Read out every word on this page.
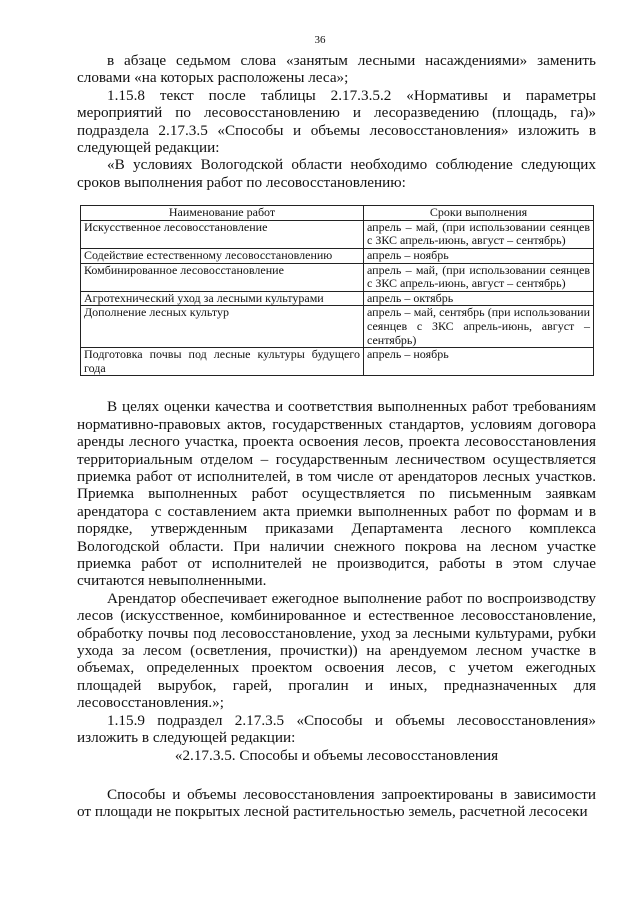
36

в абзаце седьмом слова «занятым лесными насаждениями» заменить словами «на которых расположены леса»;

1.15.8 текст после таблицы 2.17.3.5.2 «Нормативы и параметры мероприятий по лесовосстановлению и лесоразведению (площадь, га)» подраздела 2.17.3.5 «Способы и объемы лесовосстановления» изложить в следующей редакции:

«В условиях Вологодской области необходимо соблюдение следующих сроков выполнения работ по лесовосстановлению:

Наименование работ	Сроки выполнения
Искусственное лесовосстановление	апрель – май, (при использовании сеянцев с ЗКС апрель-июнь, август – сентябрь)
Содействие естественному лесовосстановлению	апрель – ноябрь
Комбинированное лесовосстановление	апрель – май, (при использовании сеянцев с ЗКС апрель-июнь, август – сентябрь)
Агротехнический уход за лесными культурами	апрель – октябрь
Дополнение лесных культур	апрель – май, сентябрь (при использовании сеянцев с ЗКС апрель-июнь, август – сентябрь)
Подготовка почвы под лесные культуры будущего года	апрель – ноябрь

В целях оценки качества и соответствия выполненных работ требованиям нормативно-правовых актов, государственных стандартов, условиям договора аренды лесного участка, проекта освоения лесов, проекта лесовосстановления территориальным отделом – государственным лесничеством осуществляется приемка работ от исполнителей, в том числе от арендаторов лесных участков. Приемка выполненных работ осуществляется по письменным заявкам арендатора с составлением акта приемки выполненных работ по формам и в порядке, утвержденным приказами Департамента лесного комплекса Вологодской области. При наличии снежного покрова на лесном участке приемка работ от исполнителей не производится, работы в этом случае считаются невыполненными.

Арендатор обеспечивает ежегодное выполнение работ по воспроизводству лесов (искусственное, комбинированное и естественное лесовосстановление, обработку почвы под лесовосстановление, уход за лесными культурами, рубки ухода за лесом (осветления, прочистки)) на арендуемом лесном участке в объемах, определенных проектом освоения лесов, с учетом ежегодных площадей вырубок, гарей, прогалин и иных, предназначенных для лесовосстановления.»;

1.15.9 подраздел 2.17.3.5 «Способы и объемы лесовосстановления» изложить в следующей редакции:

«2.17.3.5. Способы и объемы лесовосстановления

Способы и объемы лесовосстановления запроектированы в зависимости от площади не покрытых лесной растительностью земель, расчетной лесосеки
